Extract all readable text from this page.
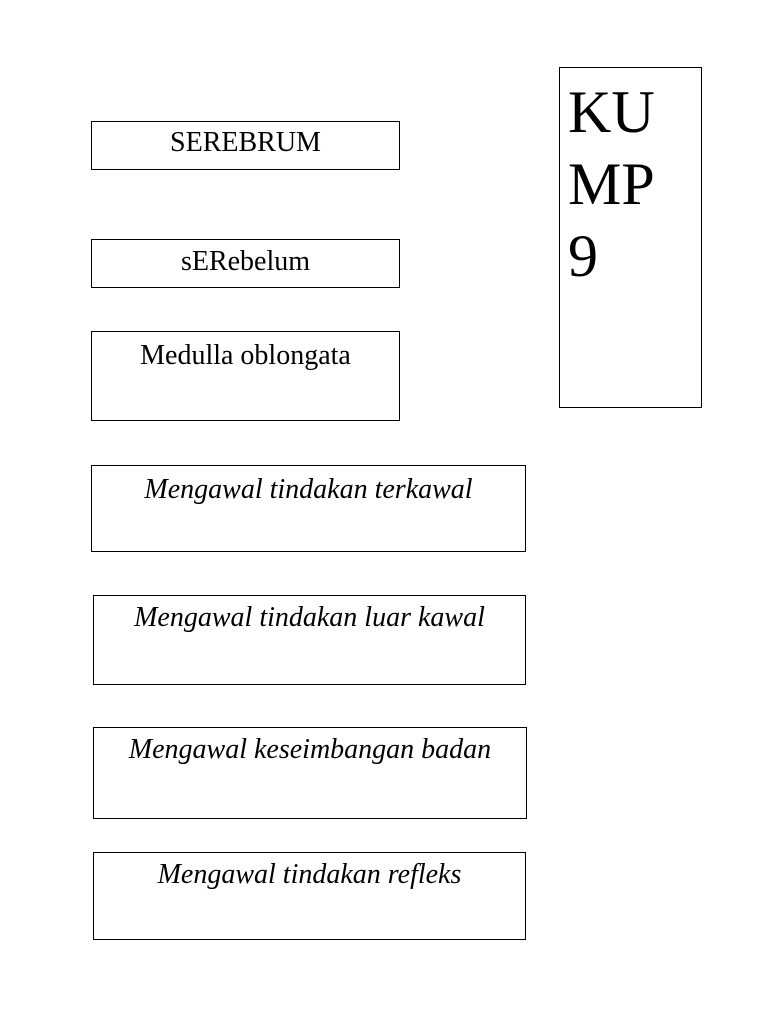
SEREBRUM
sERebelum
Medulla oblongata
Mengawal tindakan terkawal
Mengawal tindakan luar kawal
Mengawal keseimbangan badan
Mengawal tindakan refleks
KU
MP
9
